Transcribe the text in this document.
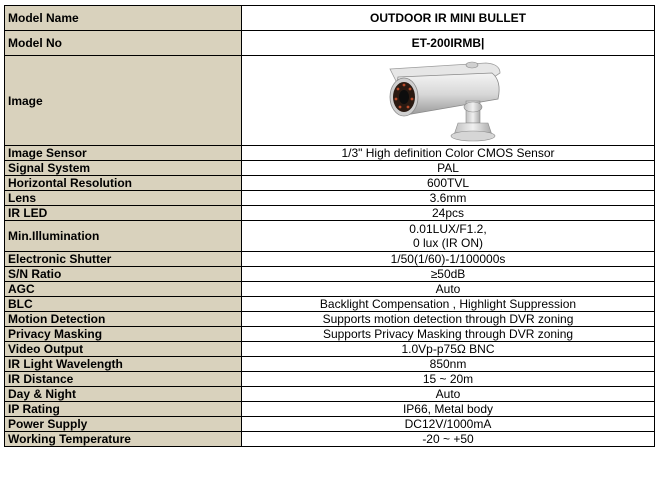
Model Name	OUTDOOR IR MINI BULLET
Model No	ET-200IRMB|
Image	

Image Sensor	1/3" High definition Color CMOS Sensor
Signal System	PAL
Horizontal Resolution	600TVL
Lens	3.6mm
IR LED	24pcs
Min.Illumination	0.01LUX/F1.2,
0 lux (IR ON)

Electronic Shutter	1/50(1/60)-1/100000s
S/N Ratio	≥50dB
AGC	Auto
BLC	Backlight Compensation , Highlight Suppression
Motion Detection	Supports motion detection through DVR zoning
Privacy Masking	Supports Privacy Masking through DVR zoning
Video Output	1.0Vp-p75Ω BNC
IR Light Wavelength	850nm
IR Distance	15 ~ 20m
Day & Night	Auto
IP Rating	IP66, Metal body
Power Supply	DC12V/1000mA
Working Temperature	-20 ~ +50
